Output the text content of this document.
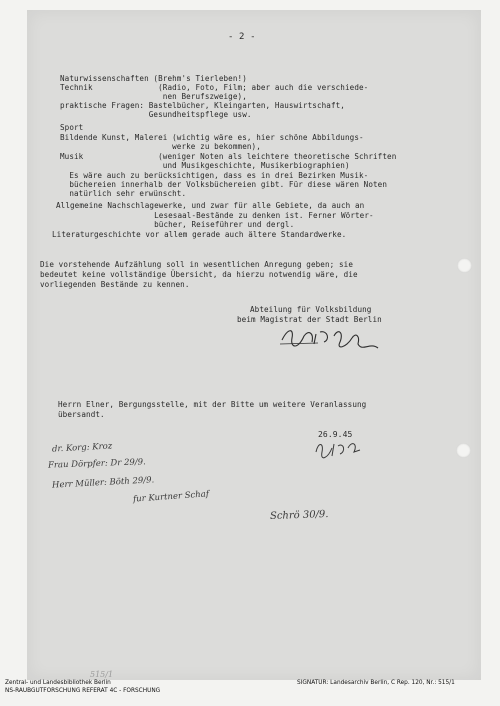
- 2 -
Naturwissenschaften (Brehm's Tierleben!)
Technik              (Radio, Foto, Film; aber auch die verschiede-
nen Berufszweige),
praktische Fragen: Bastelbücher, Kleingarten, Hauswirtschaft,
Gesundheitspflege usw.
Sport
Bildende Kunst, Malerei (wichtig wäre es, hier schöne Abbildungs-
werke zu bekommen),
Musik                (weniger Noten als leichtere theoretische Schriften
und Musikgeschichte, Musikerbiographien)
Es wäre auch zu berücksichtigen, dass es in drei Bezirken Musik-
büchereien innerhalb der Volksbüchereien gibt. Für diese wären Noten
natürlich sehr erwünscht.
Allgemeine Nachschlagewerke, und zwar für alle Gebiete, da auch an
Lesesaal-Bestände zu denken ist. Ferner Wörter-
bücher, Reiseführer und dergl.
Literaturgeschichte vor allem gerade auch ältere Standardwerke.
Die vorstehende Aufzählung soll in wesentlichen Anregung geben; sie
bedeutet keine vollständige Übersicht, da hierzu notwendig wäre, die
vorliegenden Bestände zu kennen.
Abteilung für Volksbildung
beim Magistrat der Stadt Berlin
Herrn Elner, Bergungsstelle, mit der Bitte um weitere Veranlassung
übersandt.
26.9.45
dr. Korg: Kroz
Frau Dörpfer: Dr 29/9.
Herr Müller: Böth 29/9.
fur Kurtner Schaf
Schrö 30/9.
515/1
Zentral- und Landesbibliothek Berlin
NS-RAUBGUTFORSCHUNG REFERAT 4C - FORSCHUNG
SIGNATUR: Landesarchiv Berlin, C Rep. 120, Nr.: 515/1
